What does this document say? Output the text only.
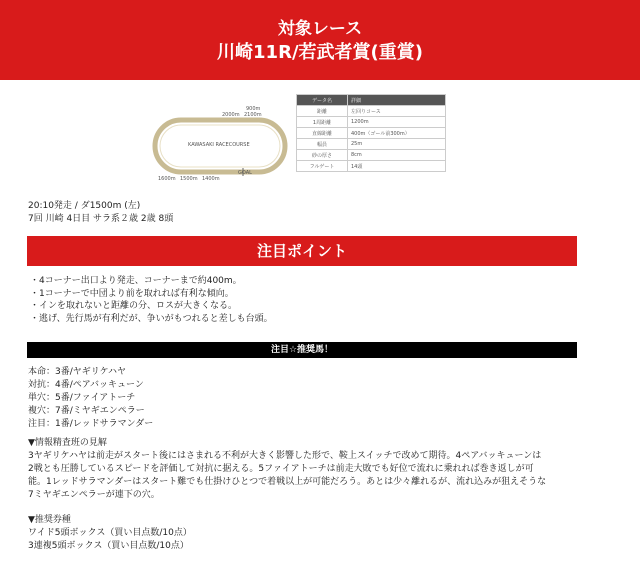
対象レース
川崎11R/若武者賞(重賞)
KAWASAKI RACECOURSE
900m
2000m 2100m
1600m 1500m 1400m
GOAL
データ名	詳細
距離	左回りコース
1周距離	1200m
直線距離	400m（ゴール前300m）
幅員	25m
砂の厚さ	8cm
フルゲート	14頭
20:10発走 / ダ1500m (左)
7回 川崎 4日目 サラ系２歳 2歳 8頭
注目ポイント
・4コーナー出口より発走、コーナーまで約400m。
・1コーナーで中団より前を取れれば有利な傾向。
・インを取れないと距離の分、ロスが大きくなる。
・逃げ、先行馬が有利だが、争いがもつれると差しも台頭。
注目☆推奨馬！
本命：3番/ヤギリケハヤ
対抗：4番/ペアバッキューン
単穴：5番/ファイアトーチ
複穴：7番/ミヤギエンペラー
注目：1番/レッドサラマンダー
▼情報精査班の見解
3ヤギリケハヤは前走がスタート後にはさまれる不利が大きく影響した形で、鞍上スイッチで改めて期待。4ペアバッキューンは
2戦とも圧勝しているスピードを評価して対抗に据える。5ファイアトーチは前走大敗でも好位で流れに乗れれば巻き返しが可
能。1レッドサラマンダーはスタート難でも仕掛けひとつで着戦以上が可能だろう。あとは少々離れるが、流れ込みが狙えそうな
7ミヤギエンペラーが連下の穴。
▼推奨券種
ワイド5頭ボックス（買い目点数/10点）
3連複5頭ボックス（買い目点数/10点）
